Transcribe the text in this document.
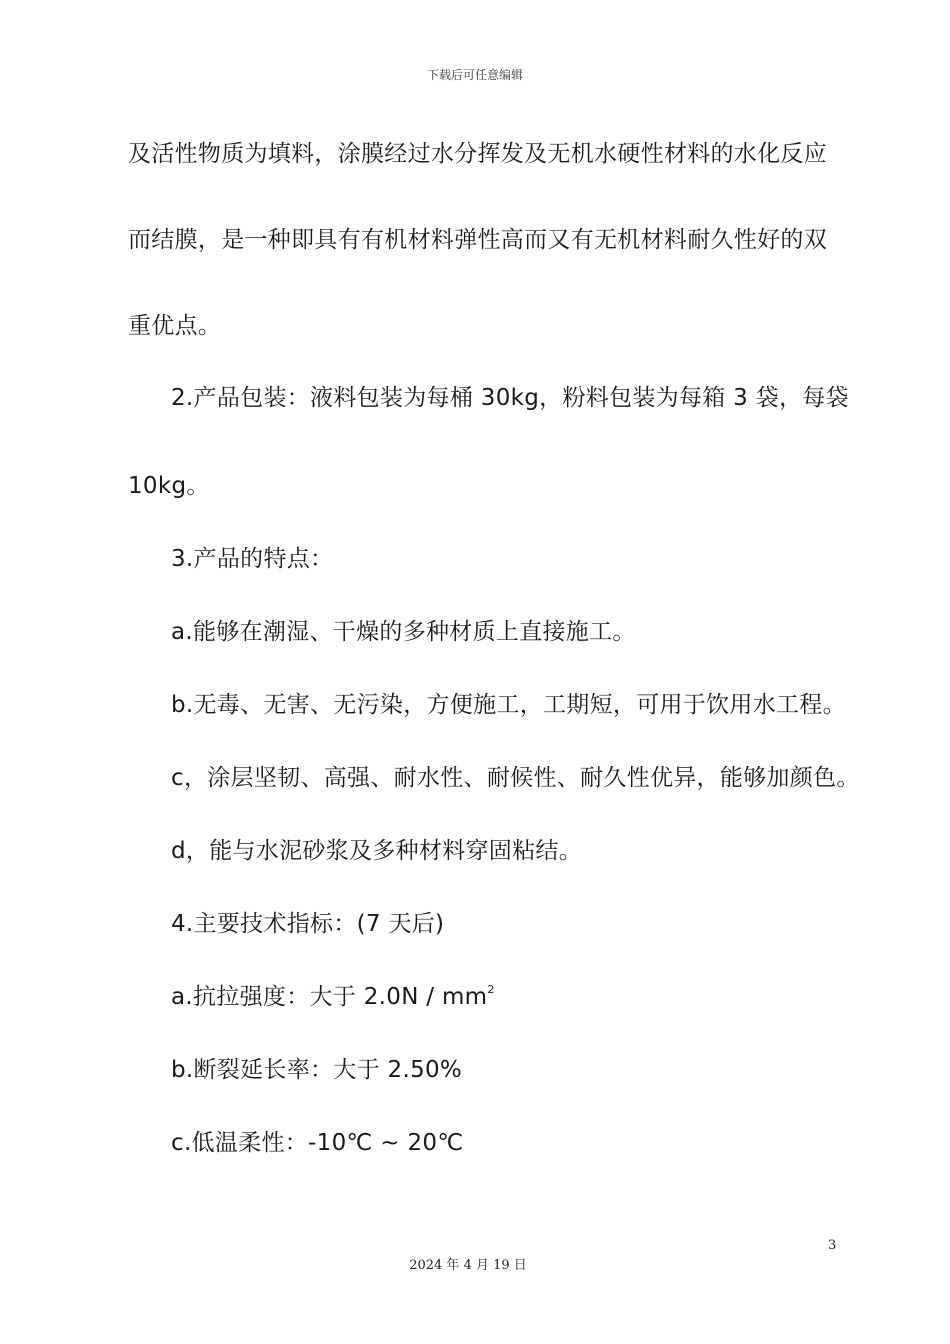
下载后可任意编辑
及活性物质为填料，涂膜经过水分挥发及无机水硬性材料的水化反应
而结膜，是一种即具有有机材料弹性高而又有无机材料耐久性好的双
重优点。
2.产品包装：液料包装为每桶 30kg，粉料包装为每箱 3 袋，每袋
10kg。
3.产品的特点：
a.能够在潮湿、干燥的多种材质上直接施工。
b.无毒、无害、无污染，方便施工，工期短，可用于饮用水工程。
c，涂层坚韧、高强、耐水性、耐候性、耐久性优异，能够加颜色。
d，能与水泥砂浆及多种材料穿固粘结。
4.主要技术指标：(7 天后)
a.抗拉强度：大于 $2.0N / mm^2$
b.断裂延长率：大于 2.50%
c.低温柔性：-10℃ ~ 20℃
3
2024 年 4 月 19 日
